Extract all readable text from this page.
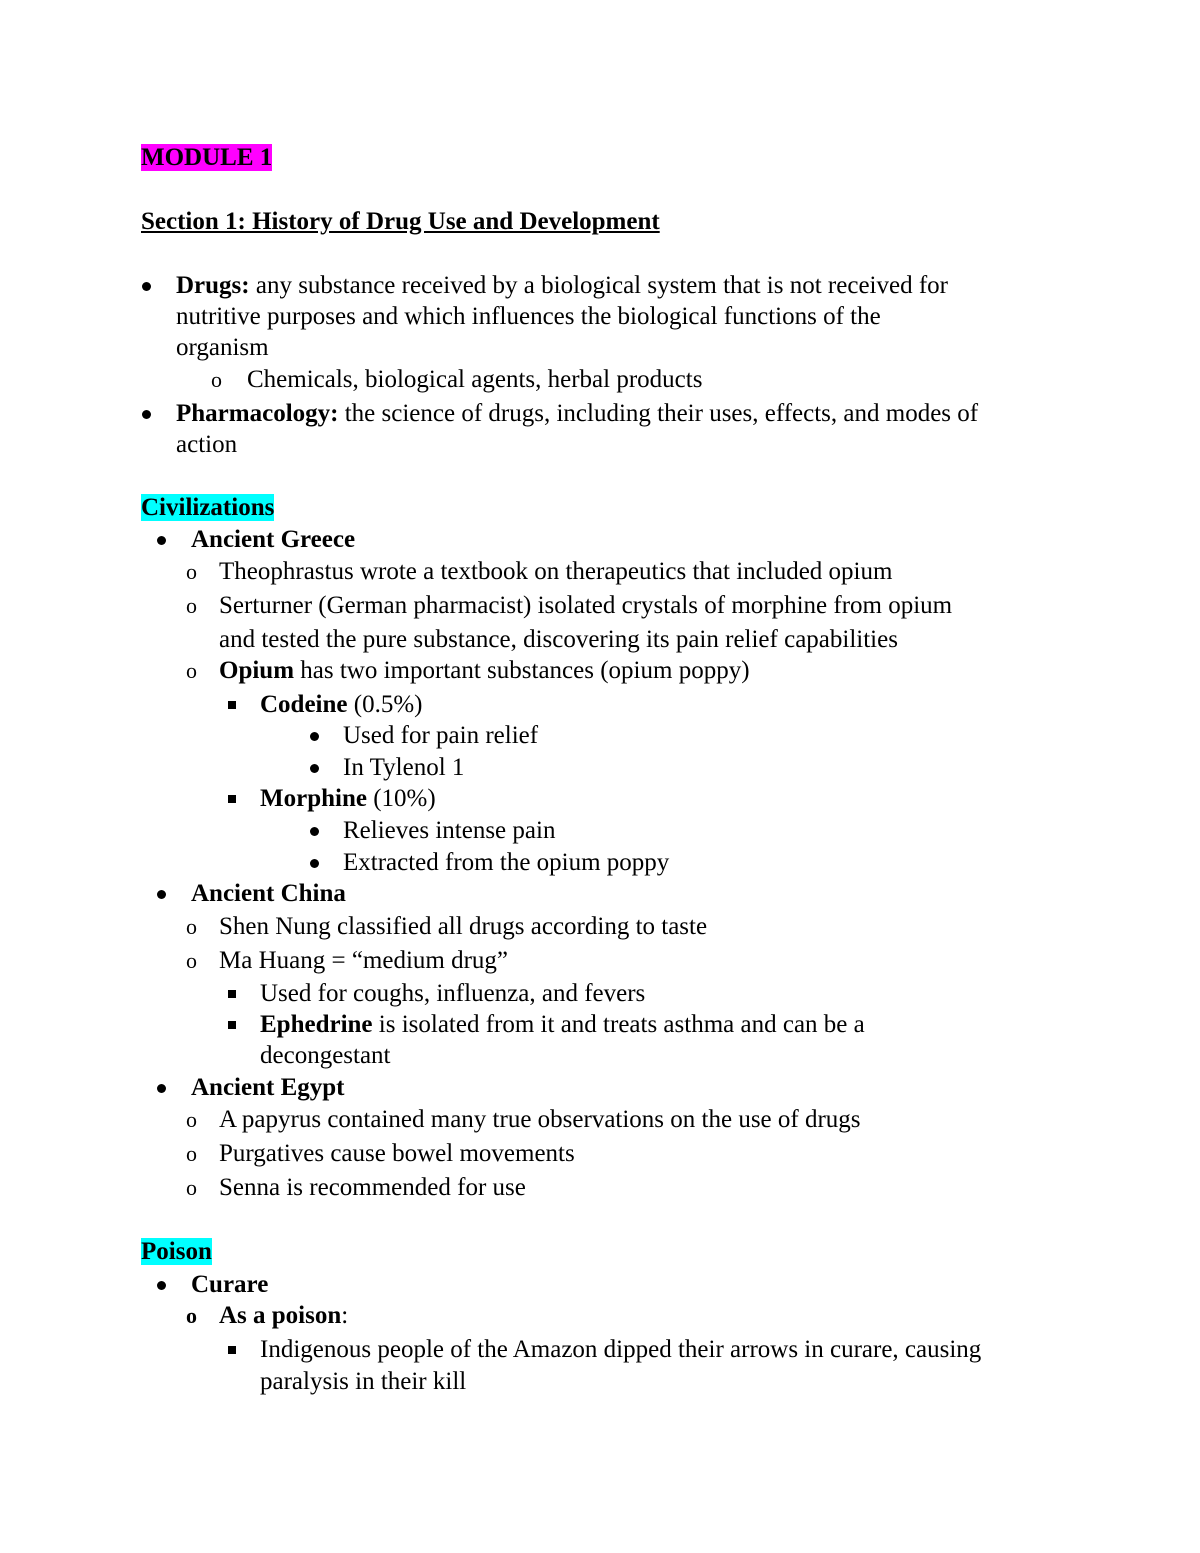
MODULE 1
Section 1: History of Drug Use and Development
Drugs: any substance received by a biological system that is not received for
nutritive purposes and which influences the biological functions of the
organism
o Chemicals, biological agents, herbal products
Pharmacology: the science of drugs, including their uses, effects, and modes of
action
Civilizations
Ancient Greece
o Theophrastus wrote a textbook on therapeutics that included opium
o Serturner (German pharmacist) isolated crystals of morphine from opium
and tested the pure substance, discovering its pain relief capabilities
o Opium has two important substances (opium poppy)
Codeine (0.5%)
Used for pain relief
In Tylenol 1
Morphine (10%)
Relieves intense pain
Extracted from the opium poppy
Ancient China
o Shen Nung classified all drugs according to taste
o Ma Huang = “medium drug”
Used for coughs, influenza, and fevers
Ephedrine is isolated from it and treats asthma and can be a
decongestant
Ancient Egypt
o A papyrus contained many true observations on the use of drugs
o Purgatives cause bowel movements
o Senna is recommended for use
Poison
Curare
o As a poison:
Indigenous people of the Amazon dipped their arrows in curare, causing
paralysis in their kill
